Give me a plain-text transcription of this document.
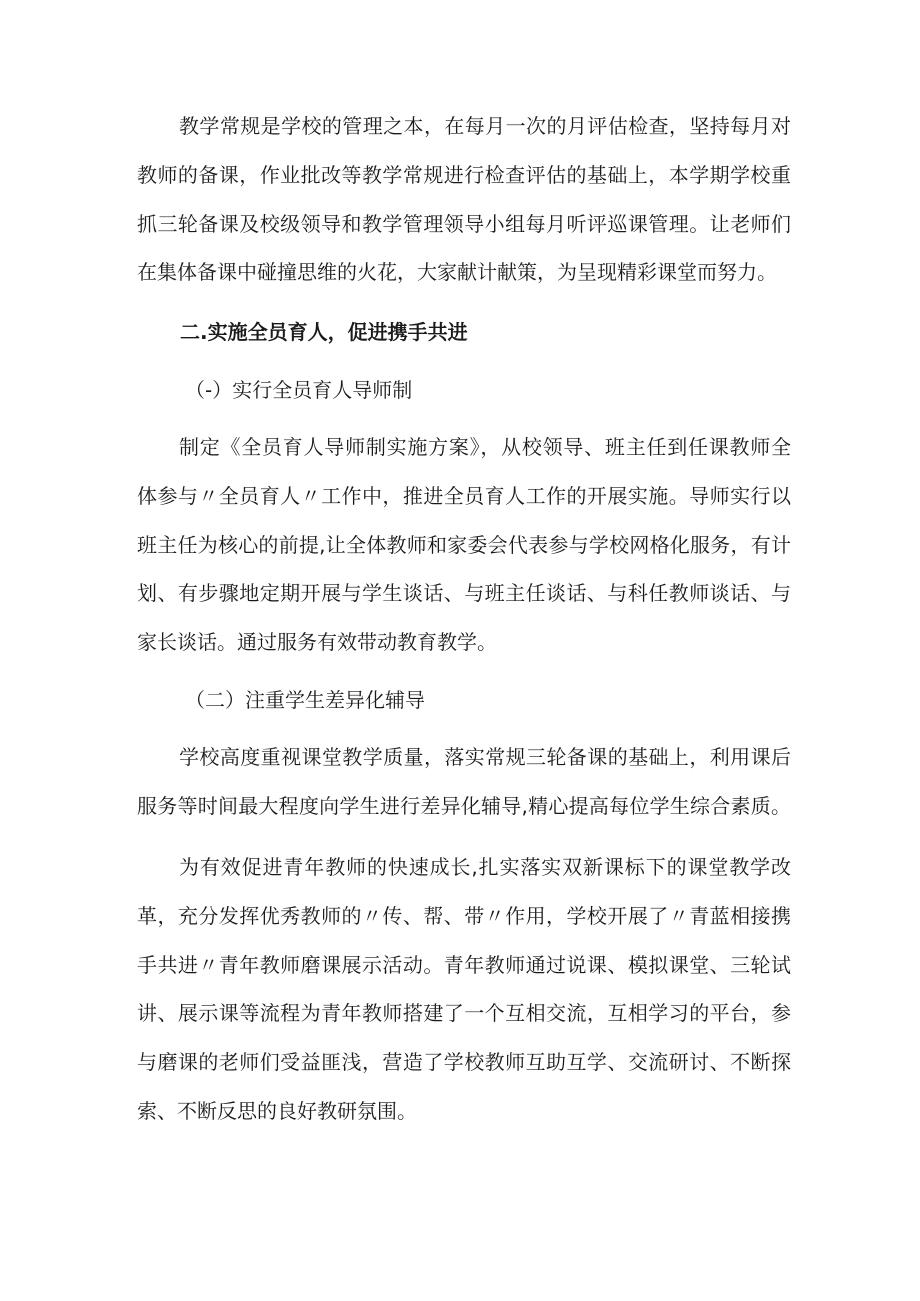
教学常规是学校的管理之本，在每月一次的月评估检查，坚持每月对
教师的备课，作业批改等教学常规进行检查评估的基础上，本学期学校重
抓三轮备课及校级领导和教学管理领导小组每月听评巡课管理。让老师们
在集体备课中碰撞思维的火花，大家献计献策，为呈现精彩课堂而努力。
二.实施全员育人，促进携手共进
（-）实行全员育人导师制
制定《全员育人导师制实施方案》，从校领导、班主任到任课教师全
体参与〃全员育人〃工作中，推进全员育人工作的开展实施。导师实行以
班主任为核心的前提,让全体教师和家委会代表参与学校网格化服务，有计
划、有步骤地定期开展与学生谈话、与班主任谈话、与科任教师谈话、与
家长谈话。通过服务有效带动教育教学。
（二）注重学生差异化辅导
学校高度重视课堂教学质量，落实常规三轮备课的基础上，利用课后
服务等时间最大程度向学生进行差异化辅导,精心提高每位学生综合素质。
为有效促进青年教师的快速成长,扎实落实双新课标下的课堂教学改
革，充分发挥优秀教师的〃传、帮、带〃作用，学校开展了〃青蓝相接携
手共进〃青年教师磨课展示活动。青年教师通过说课、模拟课堂、三轮试
讲、展示课等流程为青年教师搭建了一个互相交流，互相学习的平台，参
与磨课的老师们受益匪浅，营造了学校教师互助互学、交流研讨、不断探
索、不断反思的良好教研氛围。
